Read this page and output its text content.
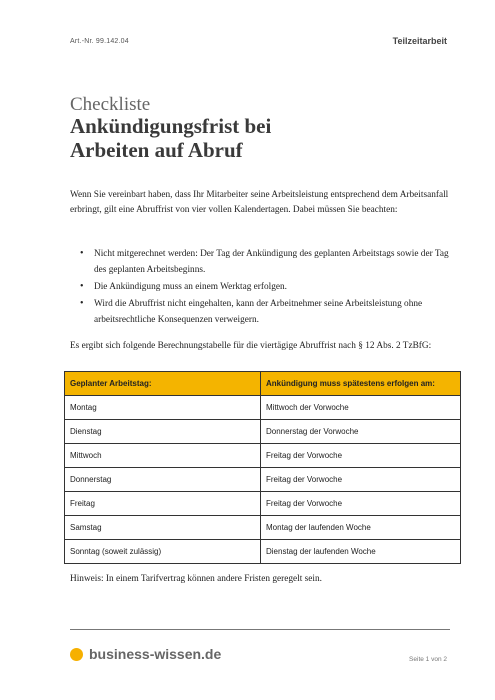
Art.-Nr. 99.142.04	Teilzeitarbeit
Checkliste
Ankündigungsfrist bei
Arbeiten auf Abruf

Wenn Sie vereinbart haben, dass Ihr Mitarbeiter seine Arbeitsleistung entsprechend dem Arbeitsanfall erbringt, gilt eine Abruffrist von vier vollen Kalendertagen. Dabei müssen Sie beachten:

• Nicht mitgerechnet werden: Der Tag der Ankündigung des geplanten Arbeitstags sowie der Tag des geplanten Arbeitsbeginns.
• Die Ankündigung muss an einem Werktag erfolgen.
• Wird die Abruffrist nicht eingehalten, kann der Arbeitnehmer seine Arbeitsleistung ohne arbeitsrechtliche Konsequenzen verweigern.

Es ergibt sich folgende Berechnungstabelle für die viertägige Abruffrist nach § 12 Abs. 2 TzBfG:

Geplanter Arbeitstag:	Ankündigung muss spätestens erfolgen am:
Montag	Mittwoch der Vorwoche
Dienstag	Donnerstag der Vorwoche
Mittwoch	Freitag der Vorwoche
Donnerstag	Freitag der Vorwoche
Freitag	Freitag der Vorwoche
Samstag	Montag der laufenden Woche
Sonntag (soweit zulässig)	Dienstag der laufenden Woche

Hinweis: In einem Tarifvertrag können andere Fristen geregelt sein.

business-wissen.de	Seite 1 von 2
